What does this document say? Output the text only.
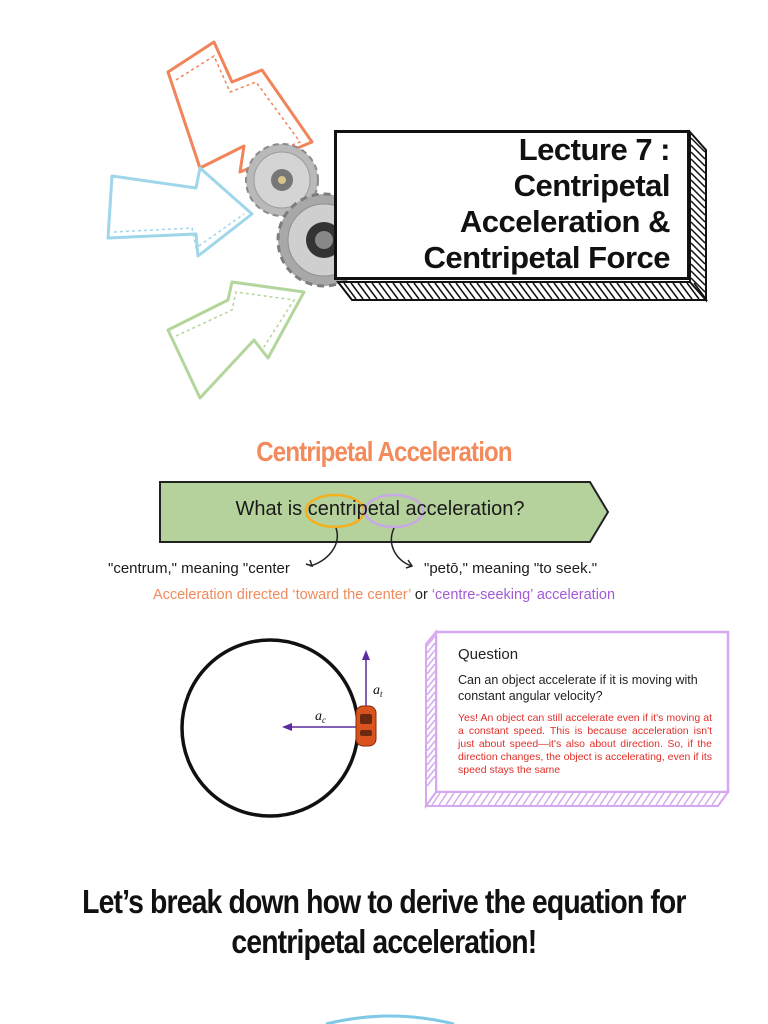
Lecture 7 :
Centripetal
Acceleration &
Centripetal Force
Centripetal Acceleration
What is centripetal acceleration?
"centrum," meaning "center	"petō," meaning "to seek."
Acceleration directed ‘toward the center’ or ‘centre-seeking’ acceleration
$a_t$
$a_c$
Question
Can an object accelerate if it is moving with constant angular velocity?
Yes! An object can still accelerate even if it's moving at a constant speed. This is because acceleration isn't just about speed—it's also about direction. So, if the direction changes, the object is accelerating, even if its speed stays the same
Let’s break down how to derive the equation for
centripetal acceleration!
